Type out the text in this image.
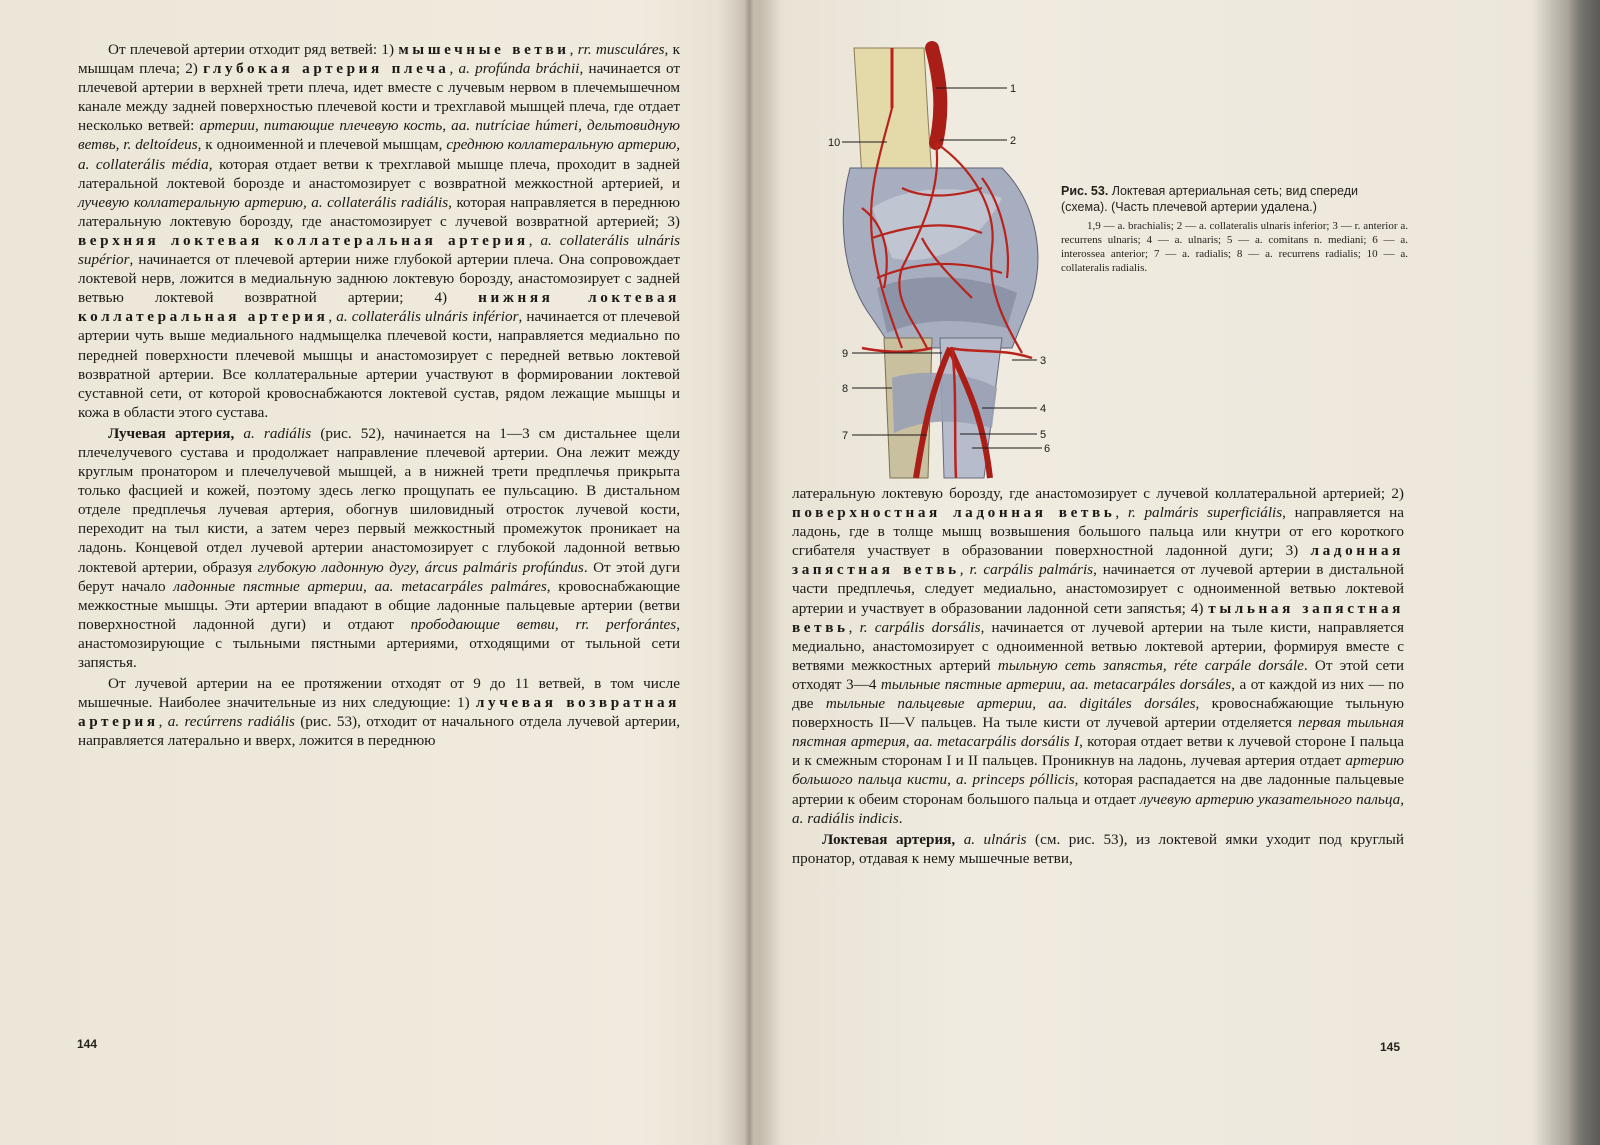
От плечевой артерии отходит ряд ветвей: 1) мышечные ветви, rr. musculáres, к мышцам плеча; 2) глубокая артерия плеча, a. profúnda bráchii, начинается от плечевой артерии в верхней трети плеча, идет вместе с лучевым нервом в плечемышечном канале между задней поверхностью плечевой кости и трехглавой мышцей плеча, где отдает несколько ветвей: артерии, питающие плечевую кость, aa. nutríciae húmeri, дельтовидную ветвь, r. deltoídeus, к одноименной и плечевой мышцам, среднюю коллатеральную артерию, a. collaterális média, которая отдает ветви к трехглавой мышце плеча, проходит в задней латеральной локтевой борозде и анастомозирует с возвратной межкостной артерией, и лучевую коллатеральную артерию, a. collaterális radiális, которая направляется в переднюю латеральную локтевую борозду, где анастомозирует с лучевой возвратной артерией; 3) верхняя локтевая коллатеральная артерия, a. collaterális ulnáris supérior, начинается от плечевой артерии ниже глубокой артерии плеча. Она сопровождает локтевой нерв, ложится в медиальную заднюю локтевую борозду, анастомозирует с задней ветвью локтевой возвратной артерии; 4) нижняя локтевая коллатеральная артерия, a. collaterális ulnáris inférior, начинается от плечевой артерии чуть выше медиального надмыщелка плечевой кости, направляется медиально по передней поверхности плечевой мышцы и анастомозирует с передней ветвью локтевой возвратной артерии. Все коллатеральные артерии участвуют в формировании локтевой суставной сети, от которой кровоснабжаются локтевой сустав, рядом лежащие мышцы и кожа в области этого сустава.

Лучевая артерия, a. radiális (рис. 52), начинается на 1—3 см дистальнее щели плечелучевого сустава и продолжает направление плечевой артерии. Она лежит между круглым пронатором и плечелучевой мышцей, а в нижней трети предплечья прикрыта только фасцией и кожей, поэтому здесь легко прощупать ее пульсацию. В дистальном отделе предплечья лучевая артерия, обогнув шиловидный отросток лучевой кости, переходит на тыл кисти, а затем через первый межкостный промежуток проникает на ладонь. Концевой отдел лучевой артерии анастомозирует с глубокой ладонной ветвью локтевой артерии, образуя глубокую ладонную дугу, árcus palmáris profúndus. От этой дуги берут начало ладонные пястные артерии, aa. metacarpáles palmáres, кровоснабжающие межкостные мышцы. Эти артерии впадают в общие ладонные пальцевые артерии (ветви поверхностной ладонной дуги) и отдают прободающие ветви, rr. perforántes, анастомозирующие с тыльными пястными артериями, отходящими от тыльной сети запястья.

От лучевой артерии на ее протяжении отходят от 9 до 11 ветвей, в том числе мышечные. Наиболее значительные из них следующие: 1) лучевая возвратная артерия, a. recúrrens radiális (рис. 53), отходит от начального отдела лучевой артерии, направляется латерально и вверх, ложится в переднюю

144
1
2
3
4
5
6
7
8
9
10

Рис. 53. Локтевая артериальная сеть; вид спереди (схема). (Часть плечевой артерии удалена.)

1,9 — a. brachialis; 2 — a. collateralis ulnaris inferior; 3 — r. anterior a. recurrens ulnaris; 4 — a. ulnaris; 5 — a. comitans n. mediani; 6 — a. interossea anterior; 7 — a. radialis; 8 — a. recurrens radialis; 10 — a. collateralis radialis.

латеральную локтевую борозду, где анастомозирует с лучевой коллатеральной артерией; 2) поверхностная ладонная ветвь, r. palmáris superficiális, направляется на ладонь, где в толще мышц возвышения большого пальца или кнутри от его короткого сгибателя участвует в образовании поверхностной ладонной дуги; 3) ладонная запястная ветвь, r. carpális palmáris, начинается от лучевой артерии в дистальной части предплечья, следует медиально, анастомозирует с одноименной ветвью локтевой артерии и участвует в образовании ладонной сети запястья; 4) тыльная запястная ветвь, r. carpális dorsális, начинается от лучевой артерии на тыле кисти, направляется медиально, анастомозирует с одноименной ветвью локтевой артерии, формируя вместе с ветвями межкостных артерий тыльную сеть запястья, réte carpále dorsále. От этой сети отходят 3—4 тыльные пястные артерии, aa. metacarpáles dorsáles, а от каждой из них — по две тыльные пальцевые артерии, aa. digitáles dorsáles, кровоснабжающие тыльную поверхность II—V пальцев. На тыле кисти от лучевой артерии отделяется первая тыльная пястная артерия, aa. metacarpális dorsális I, которая отдает ветви к лучевой стороне I пальца и к смежным сторонам I и II пальцев. Проникнув на ладонь, лучевая артерия отдает артерию большого пальца кисти, a. princeps póllicis, которая распадается на две ладонные пальцевые артерии к обеим сторонам большого пальца и отдает лучевую артерию указательного пальца, a. radiális indicis.

Локтевая артерия, a. ulnáris (см. рис. 53), из локтевой ямки уходит под круглый пронатор, отдавая к нему мышечные ветви,

145
